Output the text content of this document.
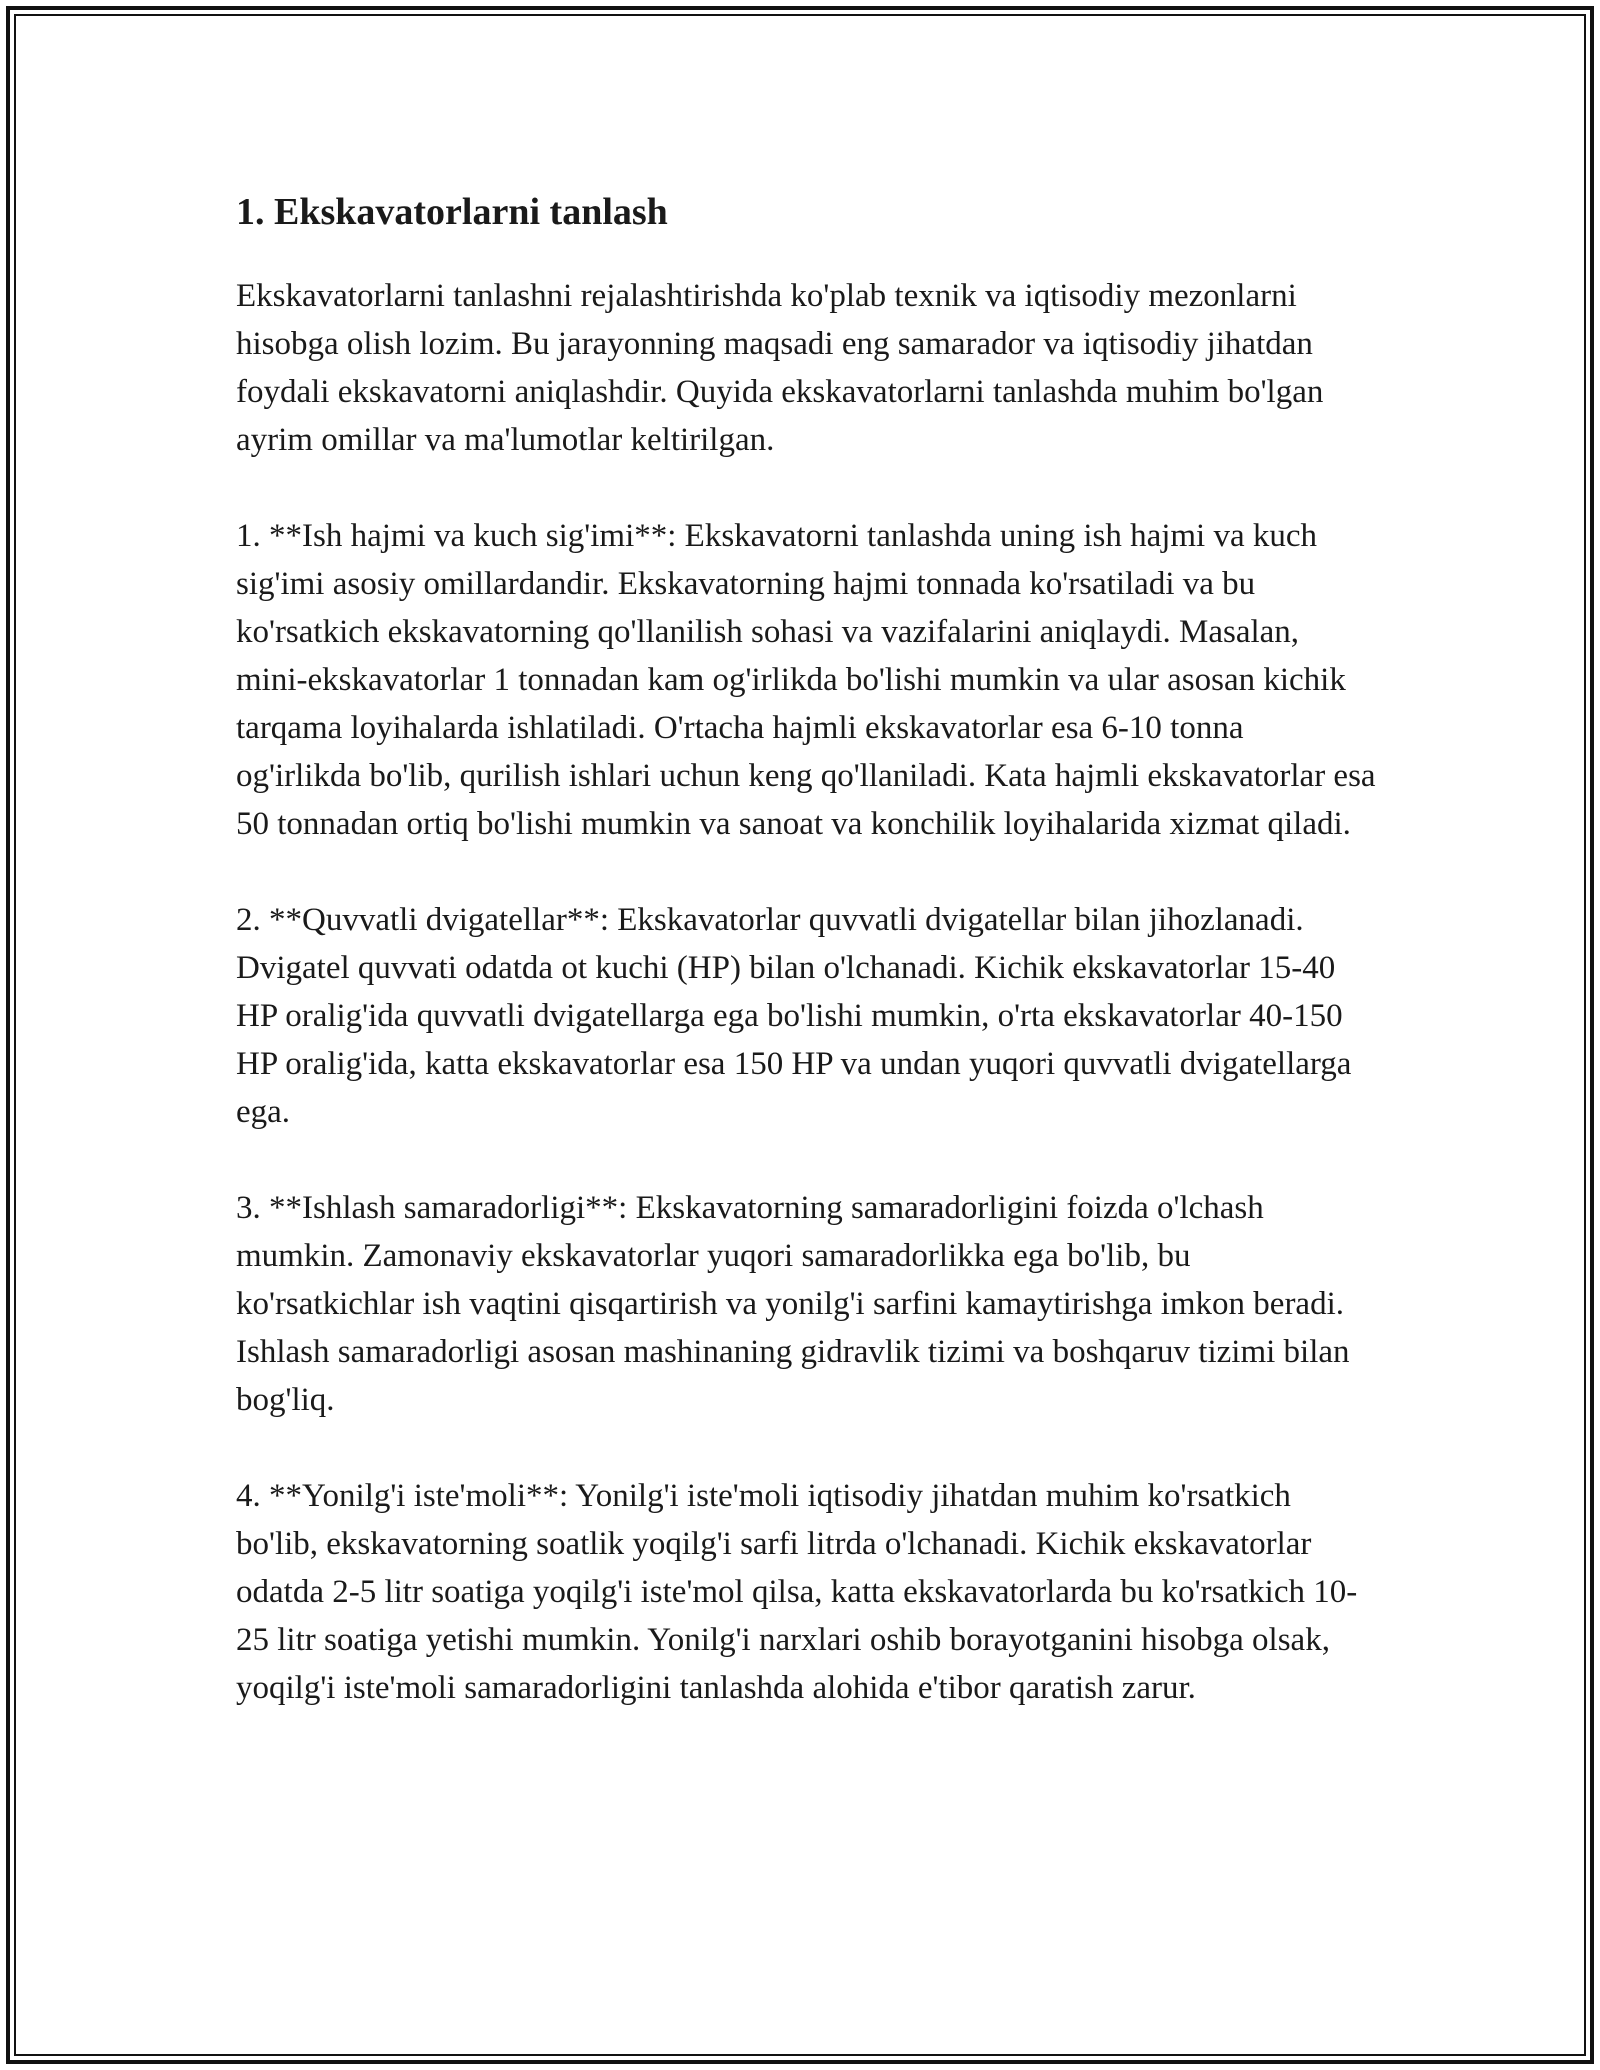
1. Ekskavatorlarni tanlash

Ekskavatorlarni tanlashni rejalashtirishda ko'plab texnik va iqtisodiy mezonlarni hisobga olish lozim. Bu jarayonning maqsadi eng samarador va iqtisodiy jihatdan foydali ekskavatorni aniqlashdir. Quyida ekskavatorlarni tanlashda muhim bo'lgan ayrim omillar va ma'lumotlar keltirilgan.

1. **Ish hajmi va kuch sig'imi**: Ekskavatorni tanlashda uning ish hajmi va kuch sig'imi asosiy omillardandir. Ekskavatorning hajmi tonnada ko'rsatiladi va bu ko'rsatkich ekskavatorning qo'llanilish sohasi va vazifalarini aniqlaydi. Masalan, mini-ekskavatorlar 1 tonnadan kam og'irlikda bo'lishi mumkin va ular asosan kichik tarqama loyihalarda ishlatiladi. O'rtacha hajmli ekskavatorlar esa 6-10 tonna og'irlikda bo'lib, qurilish ishlari uchun keng qo'llaniladi. Kata hajmli ekskavatorlar esa 50 tonnadan ortiq bo'lishi mumkin va sanoat va konchilik loyihalarida xizmat qiladi.

2. **Quvvatli dvigatellar**: Ekskavatorlar quvvatli dvigatellar bilan jihozlanadi. Dvigatel quvvati odatda ot kuchi (HP) bilan o'lchanadi. Kichik ekskavatorlar 15-40 HP oralig'ida quvvatli dvigatellarga ega bo'lishi mumkin, o'rta ekskavatorlar 40-150 HP oralig'ida, katta ekskavatorlar esa 150 HP va undan yuqori quvvatli dvigatellarga ega.

3. **Ishlash samaradorligi**: Ekskavatorning samaradorligini foizda o'lchash mumkin. Zamonaviy ekskavatorlar yuqori samaradorlikka ega bo'lib, bu ko'rsatkichlar ish vaqtini qisqartirish va yonilg'i sarfini kamaytirishga imkon beradi. Ishlash samaradorligi asosan mashinaning gidravlik tizimi va boshqaruv tizimi bilan bog'liq.

4. **Yonilg'i iste'moli**: Yonilg'i iste'moli iqtisodiy jihatdan muhim ko'rsatkich bo'lib, ekskavatorning soatlik yoqilg'i sarfi litrda o'lchanadi. Kichik ekskavatorlar odatda 2-5 litr soatiga yoqilg'i iste'mol qilsa, katta ekskavatorlarda bu ko'rsatkich 10-25 litr soatiga yetishi mumkin. Yonilg'i narxlari oshib borayotganini hisobga olsak, yoqilg'i iste'moli samaradorligini tanlashda alohida e'tibor qaratish zarur.
